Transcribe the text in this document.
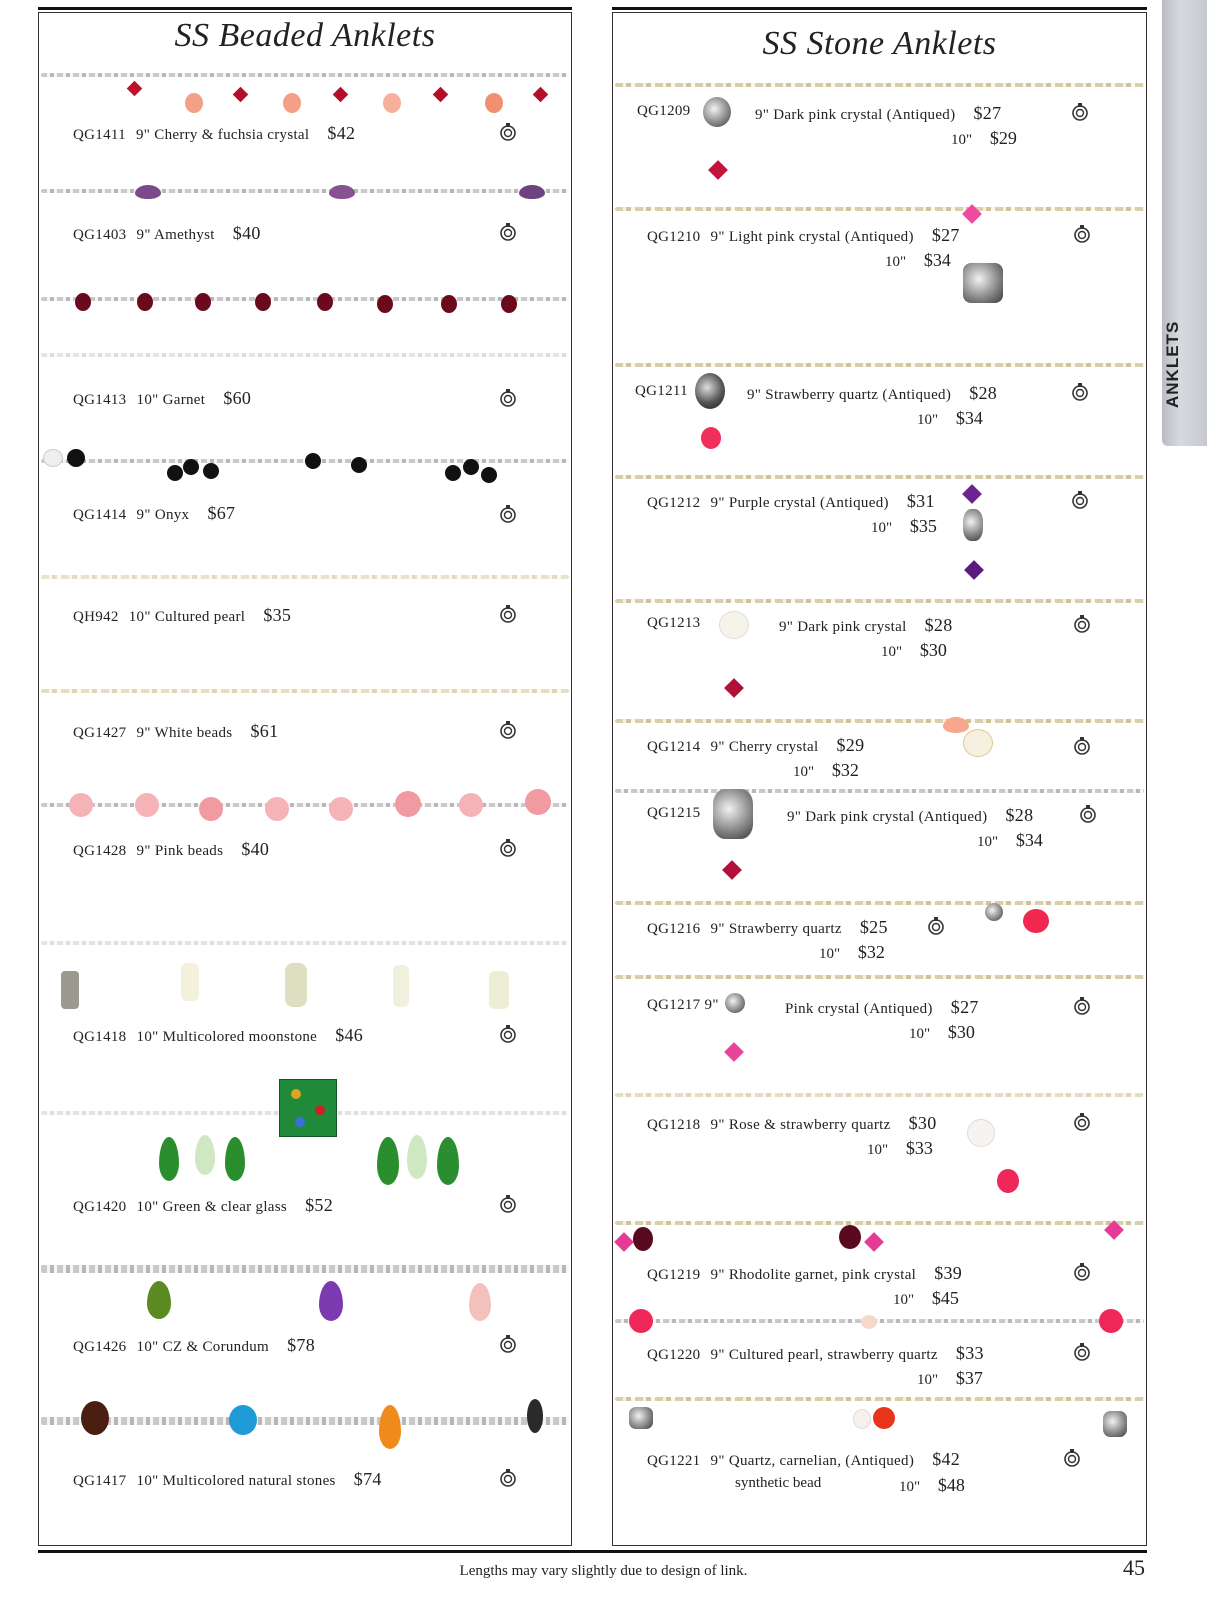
SS Beaded Anklets
QG1411 9" Cherry & fuchsia crystal $42
QG1403 9" Amethyst $40
QG1413 10" Garnet $60
QG1414 9" Onyx $67
QH942 10" Cultured pearl $35
QG1427 9" White beads $61
QG1428 9" Pink beads $40
QG1418 10" Multicolored moonstone $46
QG1420 10" Green & clear glass $52
QG1426 10" CZ & Corundum $78
QG1417 10" Multicolored natural stones $74
SS Stone Anklets
QG1209	9" Dark pink crystal (Antiqued) $27
10" $29
QG1210 9" Light pink crystal (Antiqued) $27
10" $34
QG1211	9" Strawberry quartz (Antiqued) $28
10" $34
QG1212 9" Purple crystal (Antiqued) $31
10" $35
QG1213	9" Dark pink crystal $28
10" $30
QG1214 9" Cherry crystal $29
10" $32
QG1215	9" Dark pink crystal (Antiqued) $28
10" $34
QG1216 9" Strawberry quartz $25
10" $32
QG1217 9"	Pink crystal (Antiqued) $27
10" $30
QG1218 9" Rose & strawberry quartz $30
10" $33
QG1219 9" Rhodolite garnet, pink crystal $39
10" $45
QG1220 9" Cultured pearl, strawberry quartz $33
10" $37
QG1221 9" Quartz, carnelian, (Antiqued) $42
synthetic bead	10" $48
ANKLETS
Lengths may vary slightly due to design of link.	45
